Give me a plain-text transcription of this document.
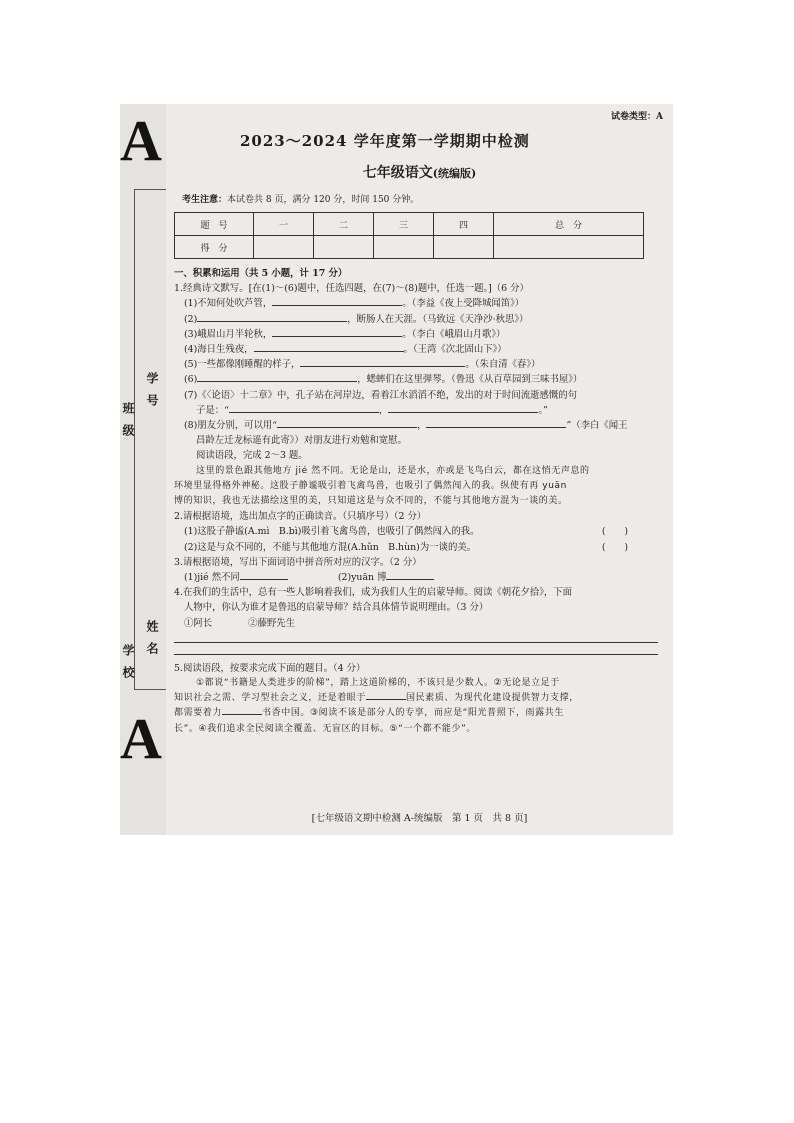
A
班级
学号
学校
姓名
A
试卷类型：A
2023～2024 学年度第一学期期中检测
七年级语文(统编版)
考生注意：本试卷共 8 页，满分 120 分，时间 150 分钟。
题　号	一	二	三	四	总　分
得　分					

一、积累和运用（共 5 小题，计 17 分）

1.经典诗文默写。[在(1)～(6)题中，任选四题，在(7)～(8)题中，任选一题。]（6 分）

(1)不知何处吹芦管，	。（李益《夜上受降城闻笛》）

(2)	，断肠人在天涯。（马致远《天净沙·秋思》）

(3)峨眉山月半轮秋，	。（李白《峨眉山月歌》）

(4)海日生残夜，	。（王湾《次北固山下》）

(5)一些都像刚睡醒的样子，	。（朱自清《春》）

(6)	，蟋蟀们在这里弹琴。（鲁迅《从百草园到三味书屋》）

(7)《〈论语〉十二章》中，孔子站在河岸边，看着江水滔滔不绝，发出的对于时间流逝感慨的句

子是：“	，	。”

(8)朋友分别，可以用“	，	”（李白《闻王

昌龄左迁龙标遥有此寄》）对朋友进行劝勉和宽慰。

阅读语段，完成 2～3 题。

这里的景色跟其他地方 jié 然不同。无论是山，还是水，亦或是飞鸟白云，都在这悄无声息的

环境里显得格外神秘。这股子静谧吸引着飞禽鸟兽，也吸引了偶然闯入的我。纵使有再 yuān

博的知识，我也无法描绘这里的美，只知道这是与众不同的，不能与其他地方混为一谈的美。

2.请根据语境，选出加点字的正确读音。（只填序号）（2 分）

(1)这股子静谧(A.mì　B.bì)吸引着飞禽鸟兽，也吸引了偶然闯入的我。	(　　)

(2)这是与众不同的，不能与其他地方混(A.hǔn　B.hùn)为一谈的美。	(　　)

3.请根据语境，写出下面词语中拼音所对应的汉字。（2 分）

(1)jié 然不同	(2)yuān 博

4.在我们的生活中，总有一些人影响着我们，成为我们人生的启蒙导师。阅读《朝花夕拾》，下面

人物中，你认为谁才是鲁迅的启蒙导师？结合具体情节说明理由。（3 分）

①阿长	②藤野先生

5.阅读语段，按要求完成下面的题目。（4 分）

①都说“书籍是人类进步的阶梯”，踏上这道阶梯的，不该只是少数人。②无论是立足于

知识社会之需、学习型社会之义，还是着眼于	国民素质、为现代化建设提供智力支撑，

都需要着力	书香中国。③阅读不该是部分人的专享，而应是“阳光普照下，雨露共生

长”。④我们追求全民阅读全覆盖、无盲区的目标。⑤“一个都不能少”。

[七年级语文期中检测 A-统编版　第 1 页　共 8 页]
